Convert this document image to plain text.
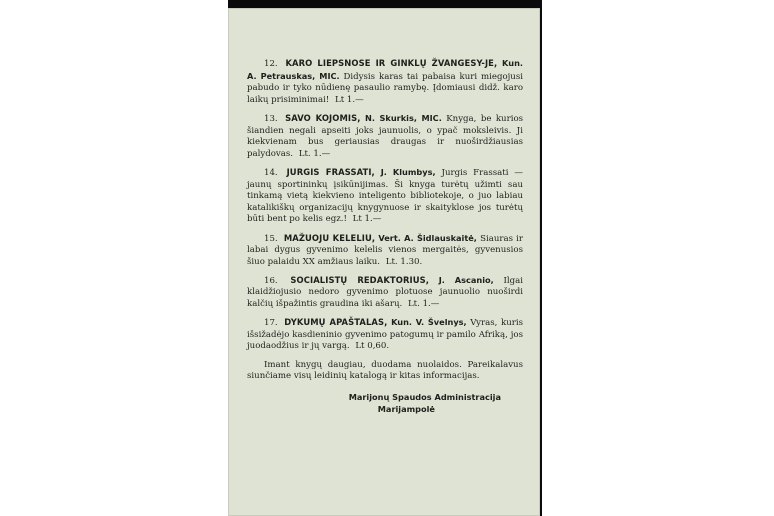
12. KARO LIEPSNOSE IR GINKLŲ ŽVANGESY-JE, Kun. A. Petrauskas, MIC. Didysis karas tai pabaisa kuri miegojusi pabudo ir tyko nūdienę pasaulio ramybę. Įdomiausi didž. karo laikų prisiminimai! Lt 1.—

13. SAVO KOJOMIS, N. Skurkis, MIC. Knyga, be kurios šiandien negali apseiti joks jaunuolis, o ypač moksleivis. Ji kiekvienam bus geriausias draugas ir nuoširdžiausias palydovas. Lt. 1.—

14. JURGIS FRASSATI, J. Klumbys, Jurgis Frassati — jaunų sportininkų įsikūnijimas. Ši knyga turėtų užimti sau tinkamą vietą kiekvieno inteligento bibliotekoje, o juo labiau katalikiškų organizacijų knygynuose ir skaityklose jos turėtų būti bent po kelis egz.! Lt 1.—

15. MAŽUOJU KELELIU, Vert. A. Šidlauskaitė, Siauras ir labai dygus gyvenimo kelelis vienos mergaitės, gyvenusios šiuo palaidu XX amžiaus laiku. Lt. 1.30.

16. SOCIALISTŲ REDAKTORIUS, J. Ascanio, Ilgai klaidžiojusio nedoro gyvenimo plotuose jaunuolio nuoširdi kalčių išpažintis graudina iki ašarų. Lt. 1.—

17. DYKUMŲ APAŠTALAS, Kun. V. Švelnys, Vyras, kuris išsižadėjo kasdieninio gyvenimo patogumų ir pamilo Afriką, jos juodaodžius ir jų vargą. Lt 0,60.

Imant knygų daugiau, duodama nuolaidos. Pareikalavus siunčiame visų leidinių katalogą ir kitas informacijas.

Marijonų Spaudos Administracija
Marijampolė
